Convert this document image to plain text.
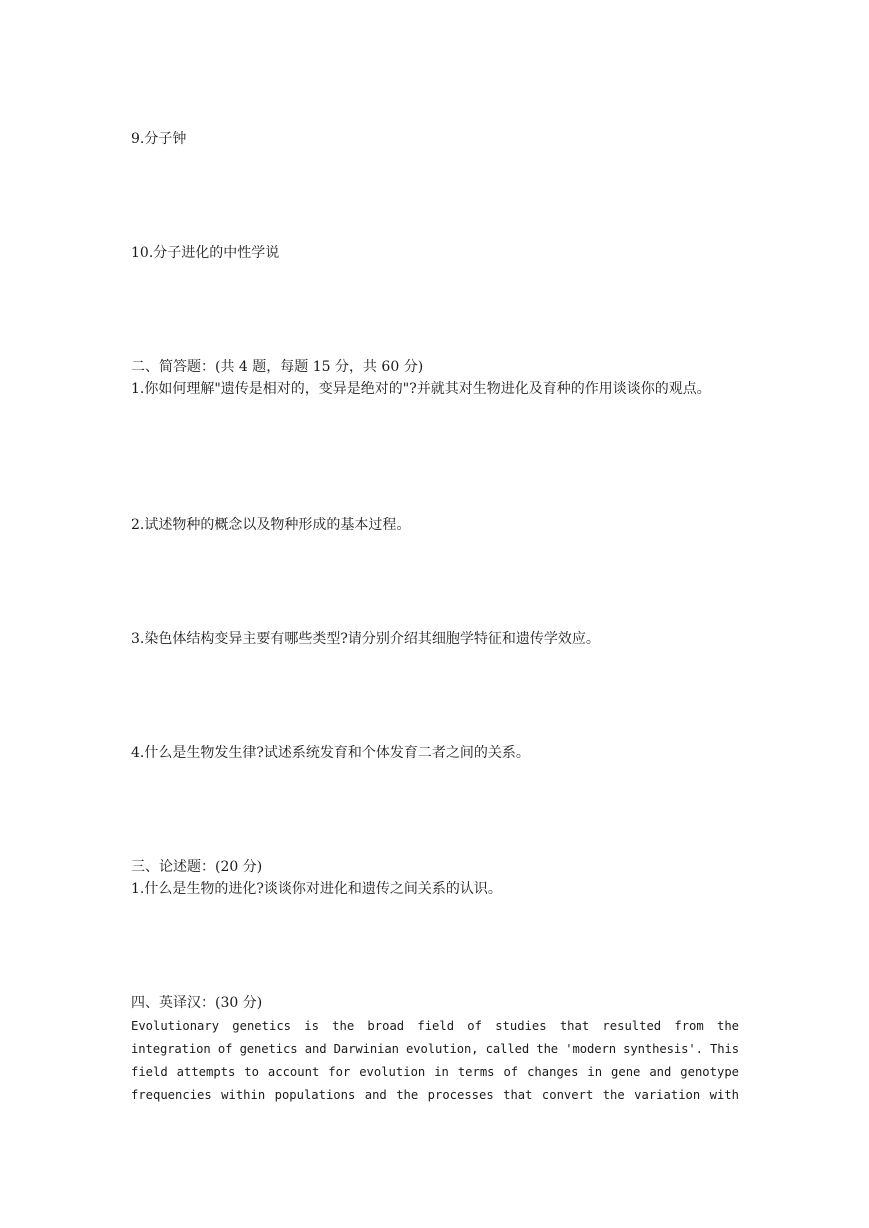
9.分子钟
10.分子进化的中性学说
二、简答题：(共 4 题，每题 15 分，共 60 分)
1.你如何理解"遗传是相对的，变异是绝对的"?并就其对生物进化及育种的作用谈谈你的观点。
2.试述物种的概念以及物种形成的基本过程。
3.染色体结构变异主要有哪些类型?请分别介绍其细胞学特征和遗传学效应。
4.什么是生物发生律?试述系统发育和个体发育二者之间的关系。
三、论述题：(20 分)
1.什么是生物的进化?谈谈你对进化和遗传之间关系的认识。
四、英译汉：(30 分)
Evolutionary genetics is the broad field of studies that resulted from the
integration of genetics and Darwinian evolution, called the 'modern synthesis'. This
field attempts to account for evolution in terms of changes in gene and genotype
frequencies within populations and the processes that convert the variation with
